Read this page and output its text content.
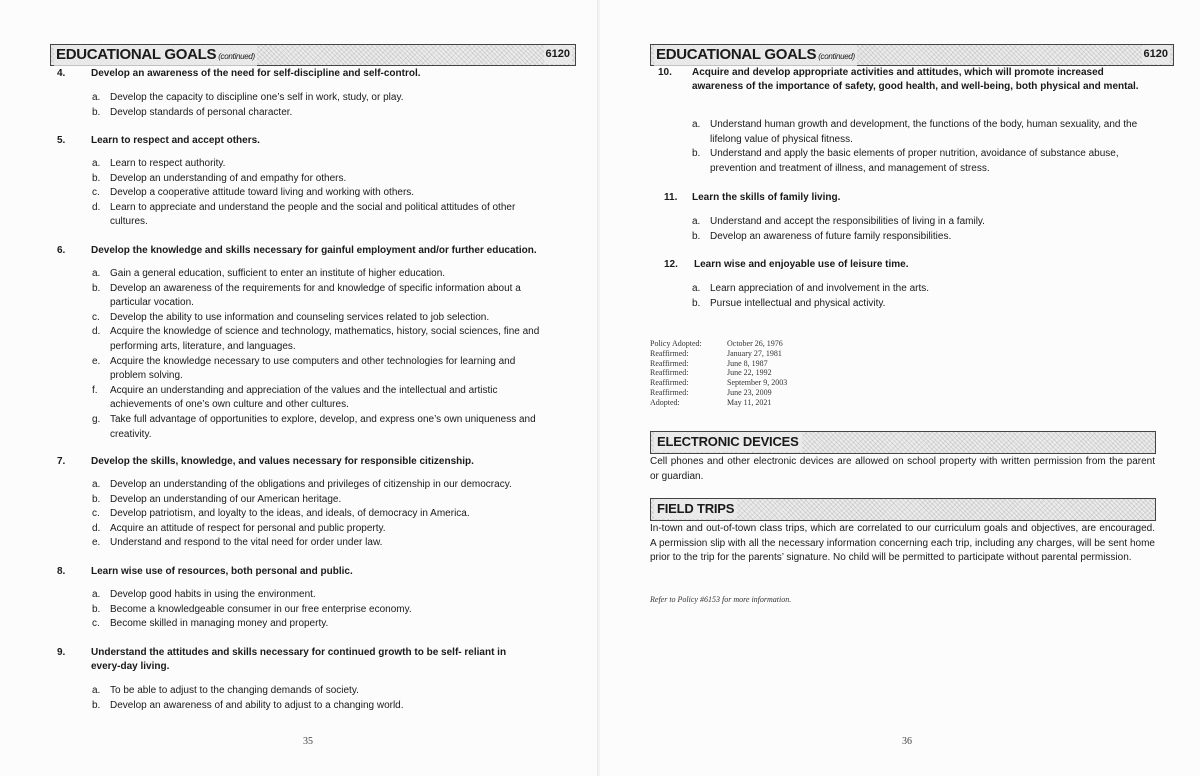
EDUCATIONAL GOALS (continued)	6120
4.	Develop an awareness of the need for self-discipline and self-control.
a. Develop the capacity to discipline one’s self in work, study, or play.
b. Develop standards of personal character.
5.	Learn to respect and accept others.
a. Learn to respect authority.
b. Develop an understanding of and empathy for others.
c. Develop a cooperative attitude toward living and working with others.
d. Learn to appreciate and understand the people and the social and political attitudes of other cultures.
6.	Develop the knowledge and skills necessary for gainful employment and/or further education.
a. Gain a general education, sufficient to enter an institute of higher education.
b. Develop an awareness of the requirements for and knowledge of specific information about a particular vocation.
c. Develop the ability to use information and counseling services related to job selection.
d. Acquire the knowledge of science and technology, mathematics, history, social sciences, fine and performing arts, literature, and languages.
e. Acquire the knowledge necessary to use computers and other technologies for learning and problem solving.
f. Acquire an understanding and appreciation of the values and the intellectual and artistic achievements of one’s own culture and other cultures.
g. Take full advantage of opportunities to explore, develop, and express one’s own uniqueness and creativity.
7.	Develop the skills, knowledge, and values necessary for responsible citizenship.
a. Develop an understanding of the obligations and privileges of citizenship in our democracy.
b. Develop an understanding of our American heritage.
c. Develop patriotism, and loyalty to the ideas, and ideals, of democracy in America.
d. Acquire an attitude of respect for personal and public property.
e. Understand and respond to the vital need for order under law.
8.	Learn wise use of resources, both personal and public.
a. Develop good habits in using the environment.
b. Become a knowledgeable consumer in our free enterprise economy.
c. Become skilled in managing money and property.
9.	Understand the attitudes and skills necessary for continued growth to be self- reliant in every-day living.
a. To be able to adjust to the changing demands of society.
b. Develop an awareness of and ability to adjust to a changing world.
35
EDUCATIONAL GOALS (continued)	6120
10.	Acquire and develop appropriate activities and attitudes, which will promote increased awareness of the importance of safety, good health, and well-being, both physical and mental.
a. Understand human growth and development, the functions of the body, human sexuality, and the lifelong value of physical fitness.
b. Understand and apply the basic elements of proper nutrition, avoidance of substance abuse, prevention and treatment of illness, and management of stress.
11. Learn the skills of family living.
a. Understand and accept the responsibilities of living in a family.
b. Develop an awareness of future family responsibilities.
12. Learn wise and enjoyable use of leisure time.
a. Learn appreciation of and involvement in the arts.
b. Pursue intellectual and physical activity.
Policy Adopted:	October 26, 1976
Reaffirmed:	January 27, 1981
Reaffirmed:	June 8, 1987
Reaffirmed:	June 22, 1992
Reaffirmed:	September 9, 2003
Reaffirmed:	June 23, 2009
Adopted:	May 11, 2021
ELECTRONIC DEVICES
Cell phones and other electronic devices are allowed on school property with written permission from the parent or guardian.
FIELD TRIPS
In-town and out-of-town class trips, which are correlated to our curriculum goals and objectives, are encouraged. A permission slip with all the necessary information concerning each trip, including any charges, will be sent home prior to the trip for the parents’ signature. No child will be permitted to participate without parental permission.
Refer to Policy #6153 for more information.
36
